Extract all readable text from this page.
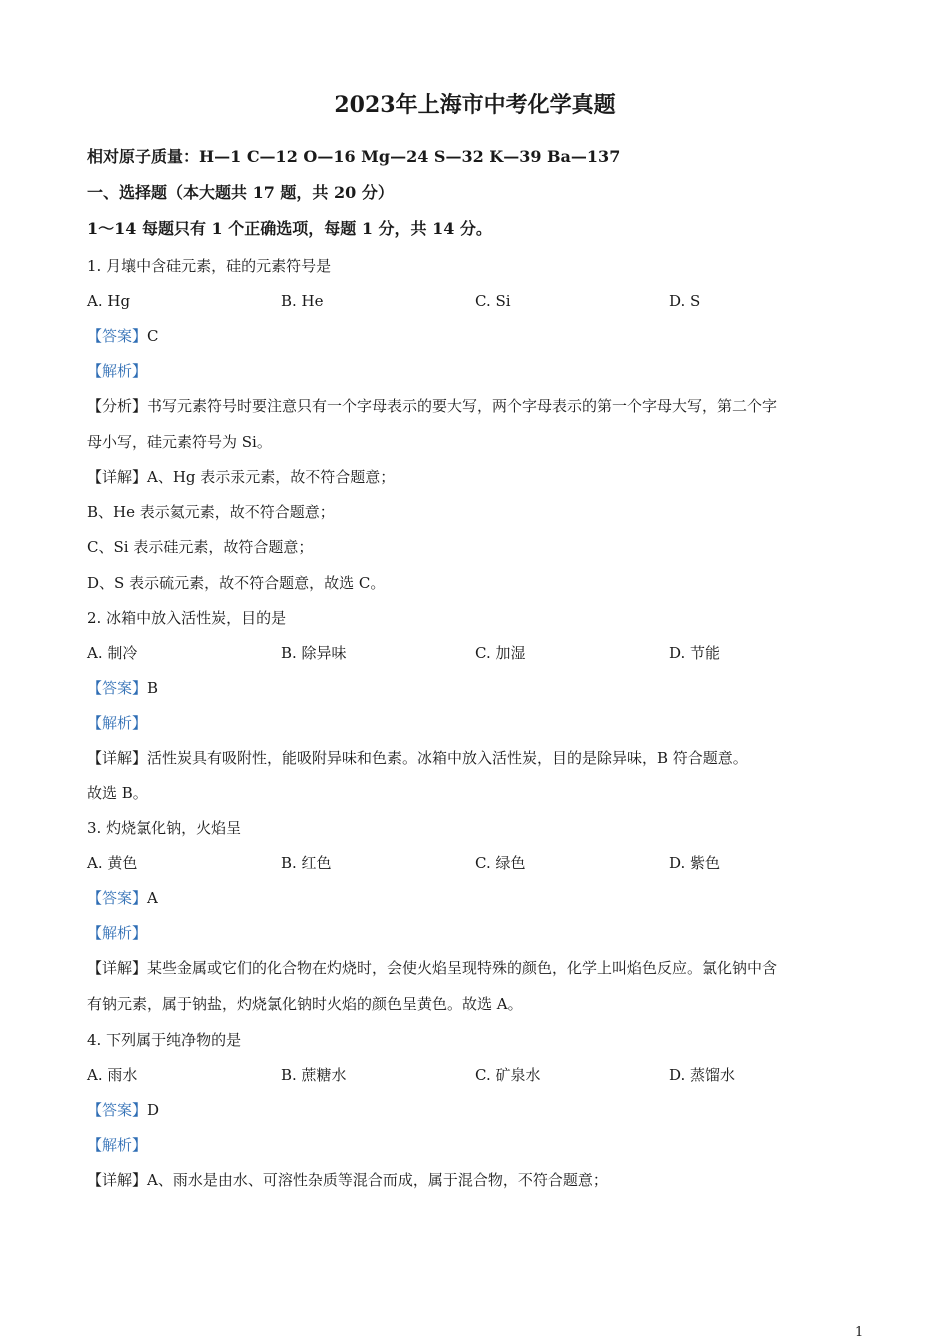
2023年上海市中考化学真题
相对原子质量：H—1 C—12 O—16 Mg—24 S—32 K—39 Ba—137
一、选择题（本大题共 17 题，共 20 分）
1～14 每题只有 1 个正确选项，每题 1 分，共 14 分。
1. 月壤中含硅元素，硅的元素符号是
A. Hg	B. He	C. Si	D. S
【答案】C
【解析】
【分析】书写元素符号时要注意只有一个字母表示的要大写，两个字母表示的第一个字母大写，第二个字
母小写，硅元素符号为 Si。
【详解】A、Hg 表示汞元素，故不符合题意；
B、He 表示氦元素，故不符合题意；
C、Si 表示硅元素，故符合题意；
D、S 表示硫元素，故不符合题意，故选 C。
2. 冰箱中放入活性炭，目的是
A. 制冷	B. 除异味	C. 加湿	D. 节能
【答案】B
【解析】
【详解】活性炭具有吸附性，能吸附异味和色素。冰箱中放入活性炭，目的是除异味，B 符合题意。
故选 B。
3. 灼烧氯化钠，火焰呈
A. 黄色	B. 红色	C. 绿色	D. 紫色
【答案】A
【解析】
【详解】某些金属或它们的化合物在灼烧时，会使火焰呈现特殊的颜色，化学上叫焰色反应。氯化钠中含
有钠元素，属于钠盐，灼烧氯化钠时火焰的颜色呈黄色。故选 A。
4. 下列属于纯净物的是
A. 雨水	B. 蔗糖水	C. 矿泉水	D. 蒸馏水
【答案】D
【解析】
【详解】A、雨水是由水、可溶性杂质等混合而成，属于混合物，不符合题意；
1
